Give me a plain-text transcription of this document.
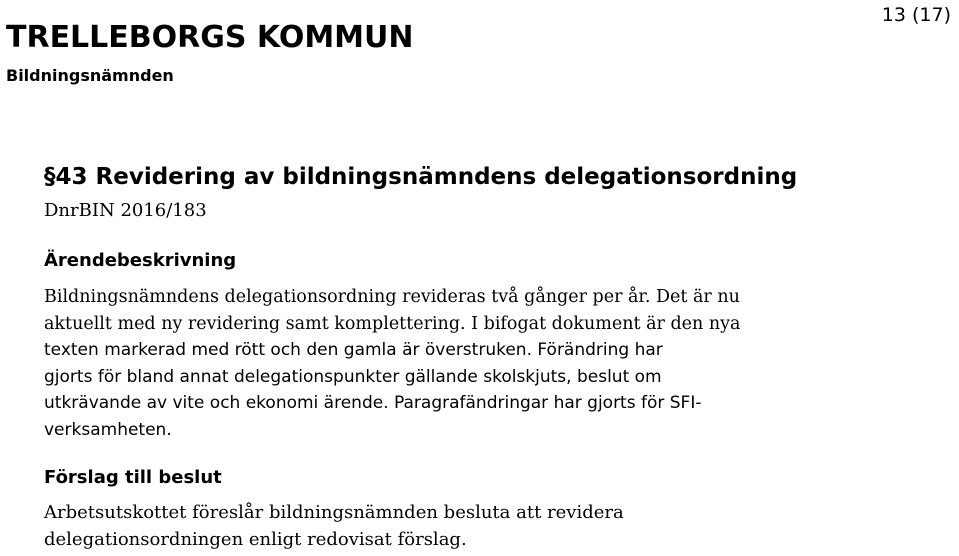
TRELLEBORGS KOMMUN
Bildningsnämnden
13 (17)
§43 Revidering av bildningsnämndens delegationsordning
DnrBIN 2016/183
Ärendebeskrivning
Bildningsnämndens delegationsordning revideras två gånger per år. Det är nu
aktuellt med ny revidering samt komplettering. I bifogat dokument är den nya
texten markerad med rött och den gamla är överstruken. Förändring har
gjorts för bland annat delegationspunkter gällande skolskjuts, beslut om
utkrävande av vite och ekonomi ärende. Paragrafändringar har gjorts för SFI-
verksamheten.
Förslag till beslut
Arbetsutskottet föreslår bildningsnämnden besluta att revidera
delegationsordningen enligt redovisat förslag.
